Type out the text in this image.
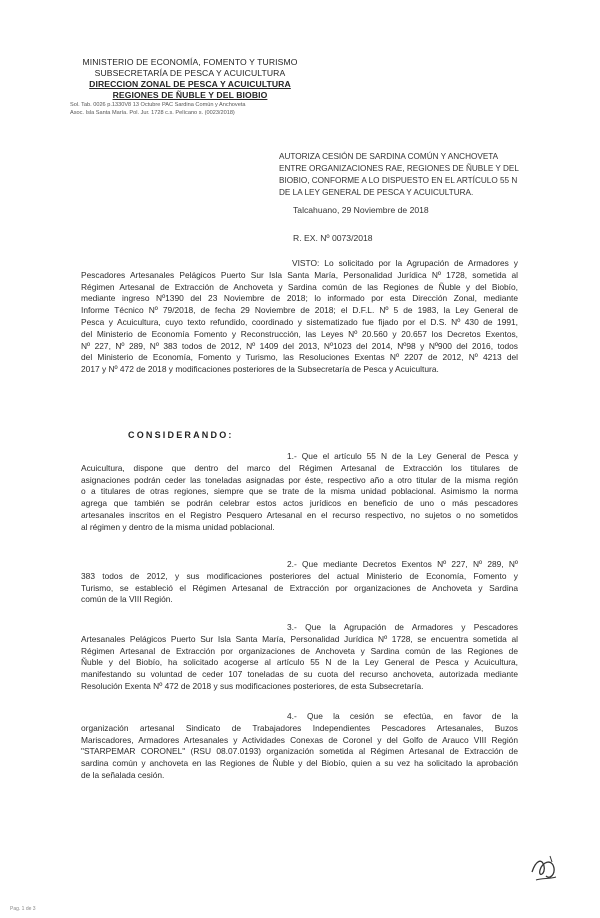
MINISTERIO DE ECONOMÍA, FOMENTO Y TURISMO
SUBSECRETARÍA DE PESCA Y ACUICULTURA
DIRECCION ZONAL DE PESCA Y ACUICULTURA
REGIONES DE ÑUBLE Y DEL BIOBIO
Sol. Tab. 0026 p.1330V8 13 Octubre PAC Sardina Común y Anchoveta
Asoc. Isla Santa María. Pol. Jur. 1728 c.s. Pelícano s. (0023/2018)
AUTORIZA CESIÓN DE SARDINA COMÚN Y ANCHOVETA
ENTRE ORGANIZACIONES RAE, REGIONES DE ÑUBLE Y DEL
BIOBIO, CONFORME A LO DISPUESTO EN EL ARTÍCULO 55 N
DE LA LEY GENERAL DE PESCA Y ACUICULTURA.
Talcahuano, 29 Noviembre de 2018
R. EX. Nº 0073/2018
VISTO: Lo solicitado por la Agrupación de Armadores y
Pescadores Artesanales Pelágicos Puerto Sur Isla Santa María, Personalidad Jurídica Nº 1728, sometida al
Régimen Artesanal de Extracción de Anchoveta y Sardina común de las Regiones de Ñuble y del Biobío,
mediante ingreso Nº1390 del 23 Noviembre de 2018; lo informado por esta Dirección Zonal, mediante
Informe Técnico Nº 79/2018, de fecha 29 Noviembre de 2018; el D.F.L. Nº 5 de 1983, la Ley General de
Pesca y Acuicultura, cuyo texto refundido, coordinado y sistematizado fue fijado por el D.S. Nº 430 de 1991,
del Ministerio de Economía Fomento y Reconstrucción, las Leyes Nº 20.560 y 20.657 los Decretos Exentos,
Nº 227, Nº 289, Nº 383 todos de 2012, Nº 1409 del 2013, Nº1023 del 2014, Nº98 y Nº900 del 2016, todos
del Ministerio de Economía, Fomento y Turismo, las Resoluciones Exentas Nº 2207 de 2012, Nº 4213 del
2017 y Nº 472 de 2018 y modificaciones posteriores de la Subsecretaría de Pesca y Acuicultura.
CONSIDERANDO:
1.- Que el artículo 55 N de la Ley General de Pesca y
Acuicultura, dispone que dentro del marco del Régimen Artesanal de Extracción los titulares de
asignaciones podrán ceder las toneladas asignadas por éste, respectivo año a otro titular de la misma región
o a titulares de otras regiones, siempre que se trate de la misma unidad poblacional. Asimismo la norma
agrega que también se podrán celebrar estos actos jurídicos en beneficio de uno o más pescadores
artesanales inscritos en el Registro Pesquero Artesanal en el recurso respectivo, no sujetos o no sometidos
al régimen y dentro de la misma unidad poblacional.
2.- Que mediante Decretos Exentos Nº 227, Nº 289, Nº
383 todos de 2012, y sus modificaciones posteriores del actual Ministerio de Economía, Fomento y
Turismo, se estableció el Régimen Artesanal de Extracción por organizaciones de Anchoveta y Sardina
común de la VIII Región.
3.- Que la Agrupación de Armadores y Pescadores
Artesanales Pelágicos Puerto Sur Isla Santa María, Personalidad Jurídica Nº 1728, se encuentra sometida al
Régimen Artesanal de Extracción por organizaciones de Anchoveta y Sardina común de las Regiones de
Ñuble y del Biobío, ha solicitado acogerse al artículo 55 N de la Ley General de Pesca y Acuicultura,
manifestando su voluntad de ceder 107 toneladas de su cuota del recurso anchoveta, autorizada mediante
Resolución Exenta Nº 472 de 2018 y sus modificaciones posteriores, de esta Subsecretaría.
4.- Que la cesión se efectúa, en favor de la
organización artesanal Sindicato de Trabajadores Independientes Pescadores Artesanales, Buzos
Mariscadores, Armadores Artesanales y Actividades Conexas de Coronel y del Golfo de Arauco VIII Región
"STARPEMAR CORONEL" (RSU 08.07.0193) organización sometida al Régimen Artesanal de Extracción de
sardina común y anchoveta en las Regiones de Ñuble y del Biobío, quien a su vez ha solicitado la aprobación
de la señalada cesión.
Pag. 1 de 3
